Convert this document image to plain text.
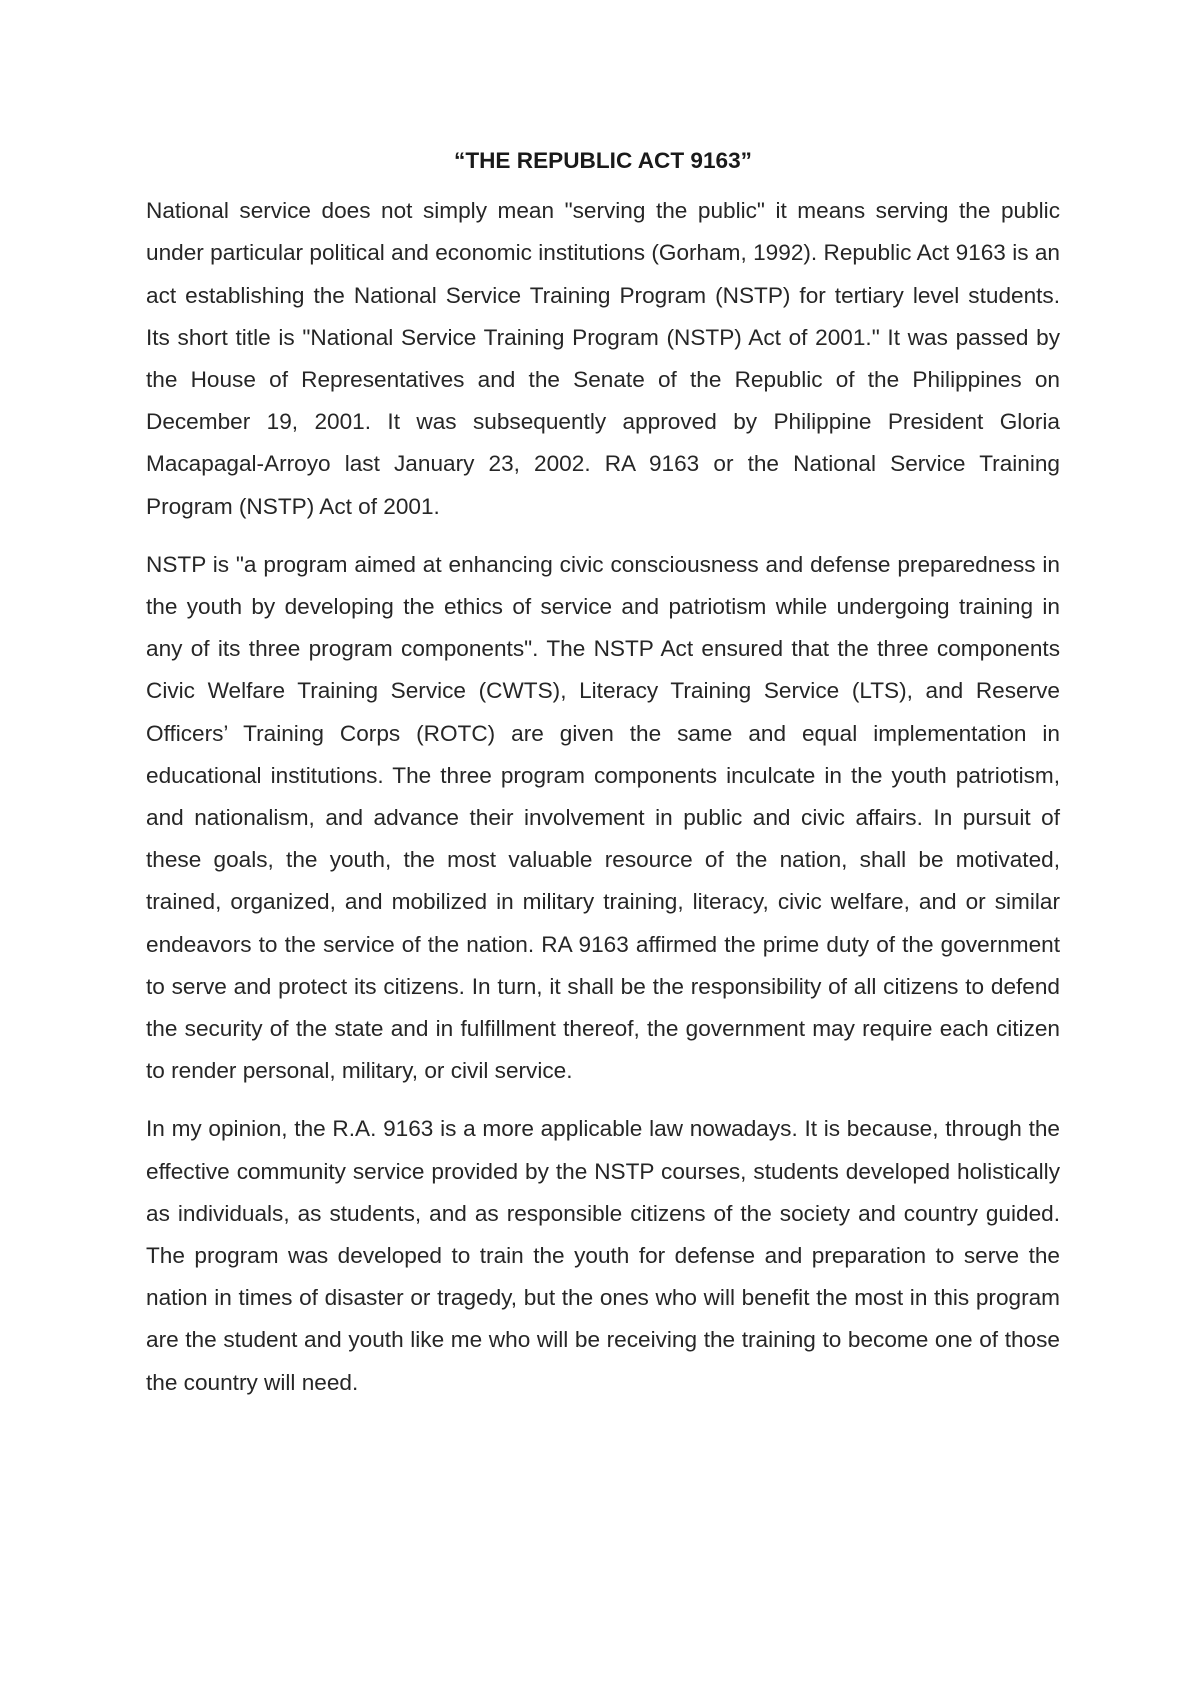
“THE REPUBLIC ACT 9163”

National service does not simply mean "serving the public" it means serving the public under particular political and economic institutions (Gorham, 1992). Republic Act 9163 is an act establishing the National Service Training Program (NSTP) for tertiary level students. Its short title is "National Service Training Program (NSTP) Act of 2001." It was passed by the House of Representatives and the Senate of the Republic of the Philippines on December 19, 2001. It was subsequently approved by Philippine President Gloria Macapagal-Arroyo last January 23, 2002. RA 9163 or the National Service Training Program (NSTP) Act of 2001.

NSTP is "a program aimed at enhancing civic consciousness and defense preparedness in the youth by developing the ethics of service and patriotism while undergoing training in any of its three program components". The NSTP Act ensured that the three components Civic Welfare Training Service (CWTS), Literacy Training Service (LTS), and Reserve Officers’ Training Corps (ROTC) are given the same and equal implementation in educational institutions. The three program components inculcate in the youth patriotism, and nationalism, and advance their involvement in public and civic affairs. In pursuit of these goals, the youth, the most valuable resource of the nation, shall be motivated, trained, organized, and mobilized in military training, literacy, civic welfare, and or similar endeavors to the service of the nation. RA 9163 affirmed the prime duty of the government to serve and protect its citizens. In turn, it shall be the responsibility of all citizens to defend the security of the state and in fulfillment thereof, the government may require each citizen to render personal, military, or civil service.

In my opinion, the R.A. 9163 is a more applicable law nowadays. It is because, through the effective community service provided by the NSTP courses, students developed holistically as individuals, as students, and as responsible citizens of the society and country guided. The program was developed to train the youth for defense and preparation to serve the nation in times of disaster or tragedy, but the ones who will benefit the most in this program are the student and youth like me who will be receiving the training to become one of those the country will need.
